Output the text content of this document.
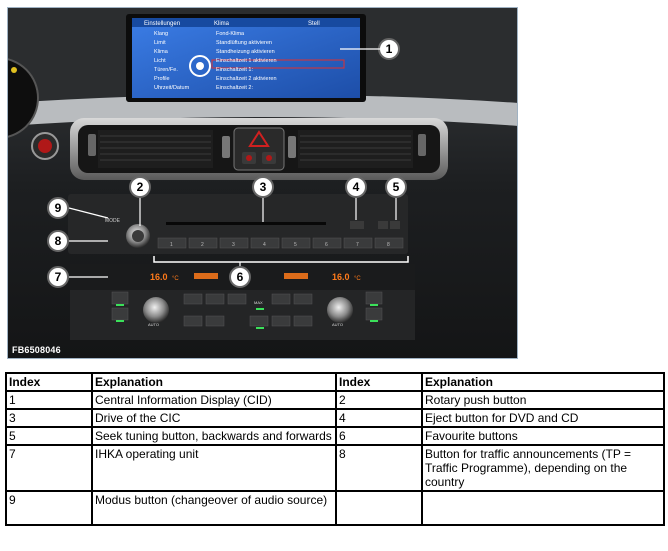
Einstellungen	Klima	Stell
Klang
Limit
Klima
Licht
Türen/Fe.
Profile
Uhrzeit/Datum
Fond-Klima
Standlüftung aktivieren
Standheizung aktivieren
Einschaltzeit 1 aktivieren
Einschaltzeit 1:
Einschaltzeit 2 aktivieren
Einschaltzeit 2:
MODE
1	2	3	4	5	6	7	8
16.0 °C	16.0 °C
AUTO	AUTO
MAX
1
2	3	4	5
6
7
8
9
FB6508046
Index	Explanation	Index	Explanation
1	Central Information Display (CID)	2	Rotary push button
3	Drive of the CIC	4	Eject button for DVD and CD
5	Seek tuning button, backwards and forwards	6	Favourite buttons
7	IHKA operating unit	8	Button for traffic announcements (TP = Traffic Programme), depending on the country
9	Modus button (changeover of audio source)		
